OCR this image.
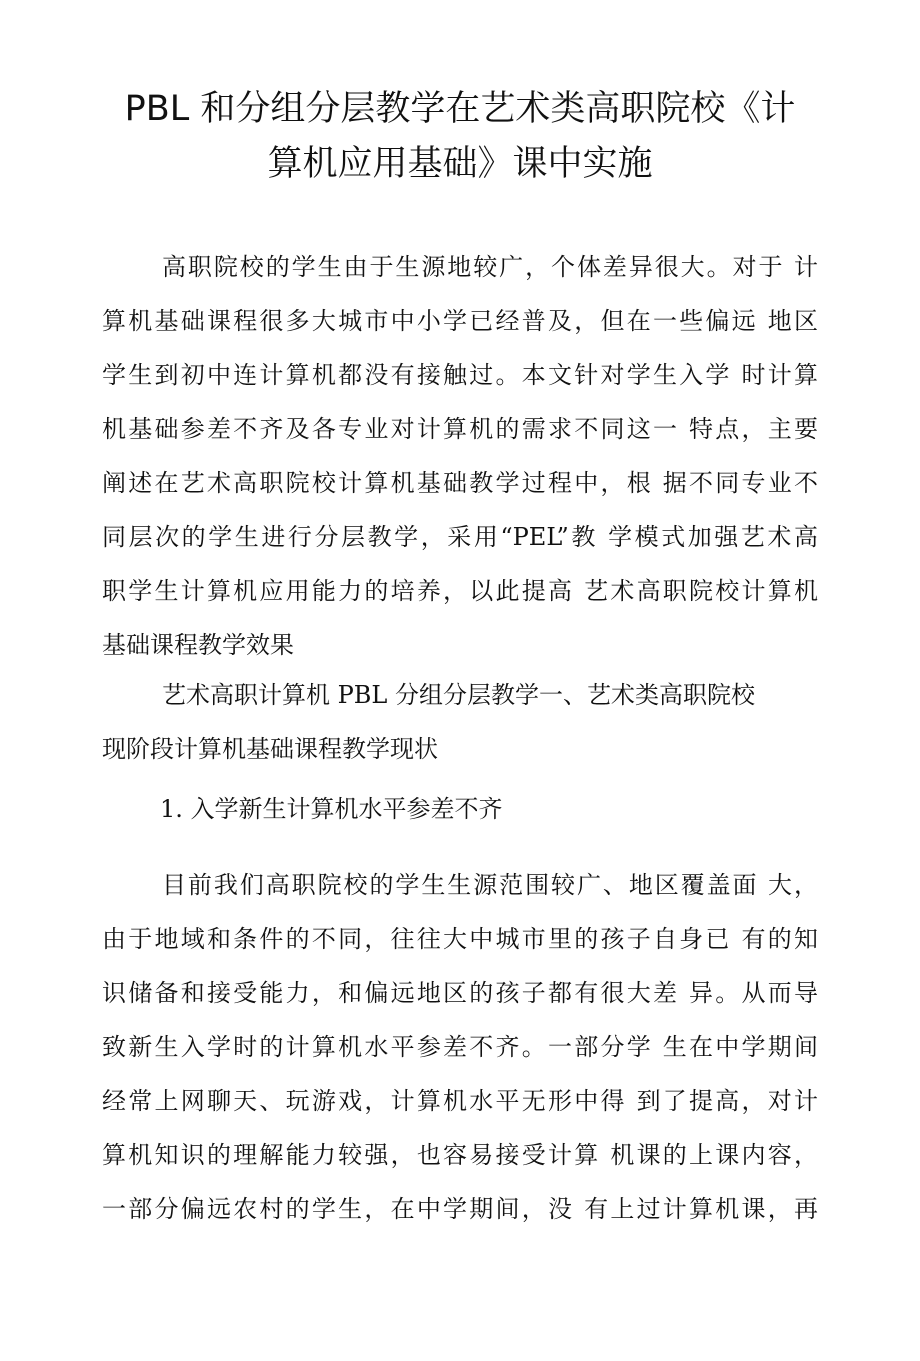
PBL 和分组分层教学在艺术类高职院校《计
算机应用基础》课中实施
高职院校的学生由于生源地较广，个体差异很大。对于 计
算机基础课程很多大城市中小学已经普及，但在一些偏远 地区
学生到初中连计算机都没有接触过。本文针对学生入学 时计算
机基础参差不齐及各专业对计算机的需求不同这一 特点，主要
阐述在艺术高职院校计算机基础教学过程中，根 据不同专业不
同层次的学生进行分层教学，采用“PEL”教 学模式加强艺术高
职学生计算机应用能力的培养，以此提高 艺术高职院校计算机
基础课程教学效果
艺术高职计算机 PBL 分组分层教学一、艺术类高职院校
现阶段计算机基础课程教学现状
1. 入学新生计算机水平参差不齐
目前我们高职院校的学生生源范围较广、地区覆盖面 大，
由于地域和条件的不同，往往大中城市里的孩子自身已 有的知
识储备和接受能力，和偏远地区的孩子都有很大差 异。从而导
致新生入学时的计算机水平参差不齐。一部分学 生在中学期间
经常上网聊天、玩游戏，计算机水平无形中得 到了提高，对计
算机知识的理解能力较强，也容易接受计算 机课的上课内容，
一部分偏远农村的学生，在中学期间，没 有上过计算机课，再
